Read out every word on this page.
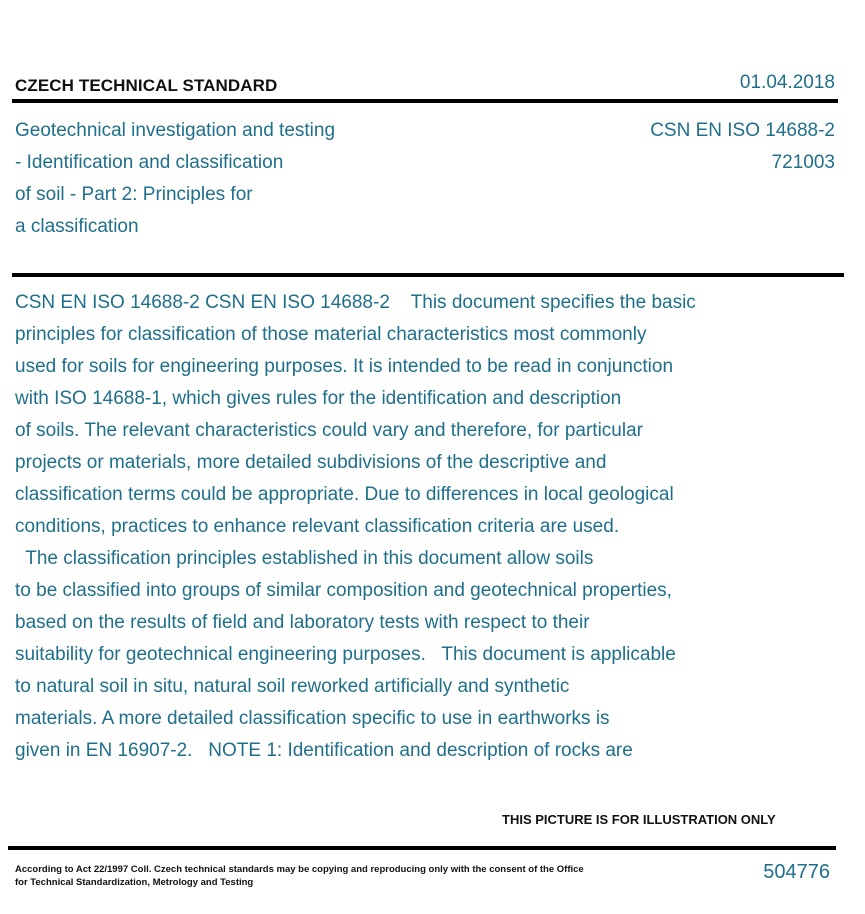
CZECH TECHNICAL STANDARD	01.04.2018
Geotechnical investigation and testing
- Identification and classification
of soil - Part 2: Principles for
a classification
CSN EN ISO 14688-2
721003
CSN EN ISO 14688-2 CSN EN ISO 14688-2    This document specifies the basic
principles for classification of those material characteristics most commonly
used for soils for engineering purposes. It is intended to be read in conjunction
with ISO 14688-1, which gives rules for the identification and description
of soils. The relevant characteristics could vary and therefore, for particular
projects or materials, more detailed subdivisions of the descriptive and
classification terms could be appropriate. Due to differences in local geological
conditions, practices to enhance relevant classification criteria are used.
The classification principles established in this document allow soils
to be classified into groups of similar composition and geotechnical properties,
based on the results of field and laboratory tests with respect to their
suitability for geotechnical engineering purposes.   This document is applicable
to natural soil in situ, natural soil reworked artificially and synthetic
materials. A more detailed classification specific to use in earthworks is
given in EN 16907-2.   NOTE 1: Identification and description of rocks are
THIS PICTURE IS FOR ILLUSTRATION ONLY
According to Act 22/1997 Coll. Czech technical standards may be copying and reproducing only with the consent of the Office
for Technical Standardization, Metrology and Testing	504776
